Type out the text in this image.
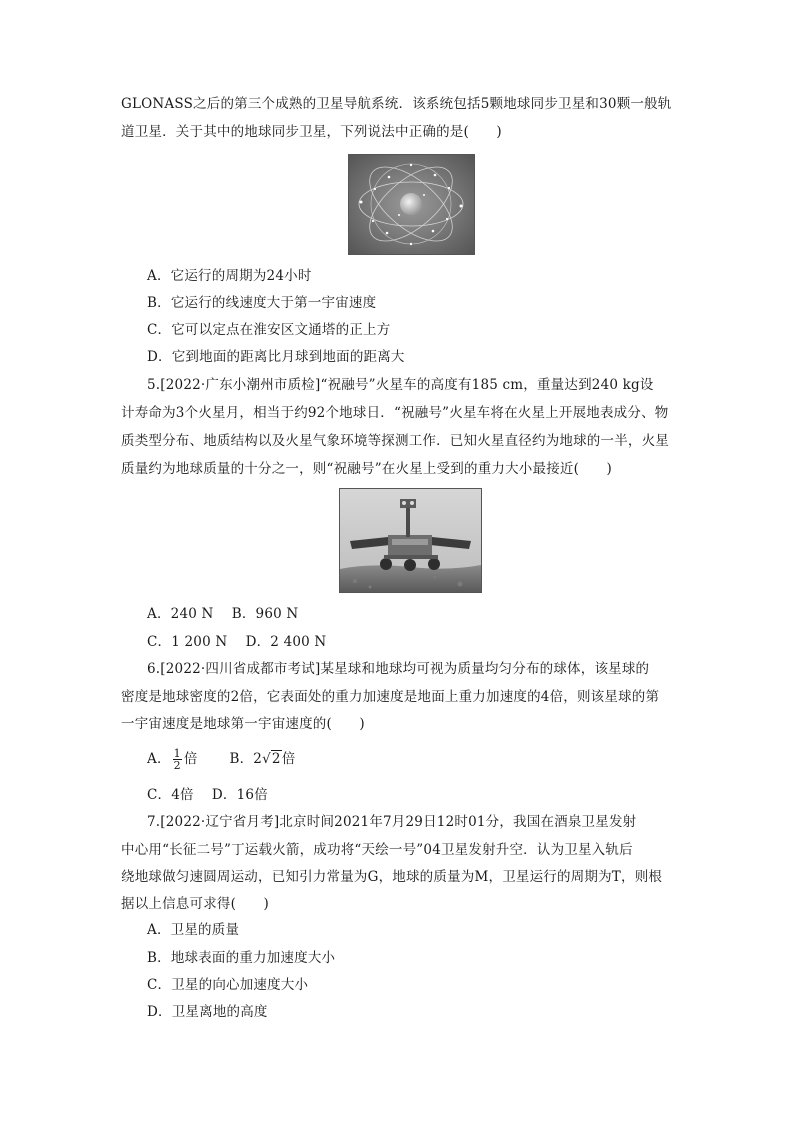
GLONASS之后的第三个成熟的卫星导航系统．该系统包括5颗地球同步卫星和30颗一般轨
道卫星．关于其中的地球同步卫星，下列说法中正确的是(　　)
A．它运行的周期为24小时
B．它运行的线速度大于第一宇宙速度
C．它可以定点在淮安区文通塔的正上方
D．它到地面的距离比月球到地面的距离大
5.[2022·广东小潮州市质检]“祝融号”火星车的高度有185 cm，重量达到240 kg设
计寿命为3个火星月，相当于约92个地球日．“祝融号”火星车将在火星上开展地表成分、物
质类型分布、地质结构以及火星气象环境等探测工作．已知火星直径约为地球的一半，火星
质量约为地球质量的十分之一，则“祝融号”在火星上受到的重力大小最接近(　　)
A．240 N　 B．960 N
C．1 200 N　 D．2 400 N
6.[2022·四川省成都市考试]某星球和地球均可视为质量均匀分布的球体，该星球的
密度是地球密度的2倍，它表面处的重力加速度是地面上重力加速度的4倍，则该星球的第
一宇宙速度是地球第一宇宙速度的(　　)
A． $\frac{1}{2}$ 倍　　 B．2√2倍
C．4倍　 D．16倍
7.[2022·辽宁省月考]北京时间2021年7月29日12时01分，我国在酒泉卫星发射
中心用“长征二号”丁运载火箭，成功将“天绘一号”04卫星发射升空．认为卫星入轨后
绕地球做匀速圆周运动，已知引力常量为G，地球的质量为M，卫星运行的周期为T，则根
据以上信息可求得(　　)
A．卫星的质量
B．地球表面的重力加速度大小
C．卫星的向心加速度大小
D．卫星离地的高度
